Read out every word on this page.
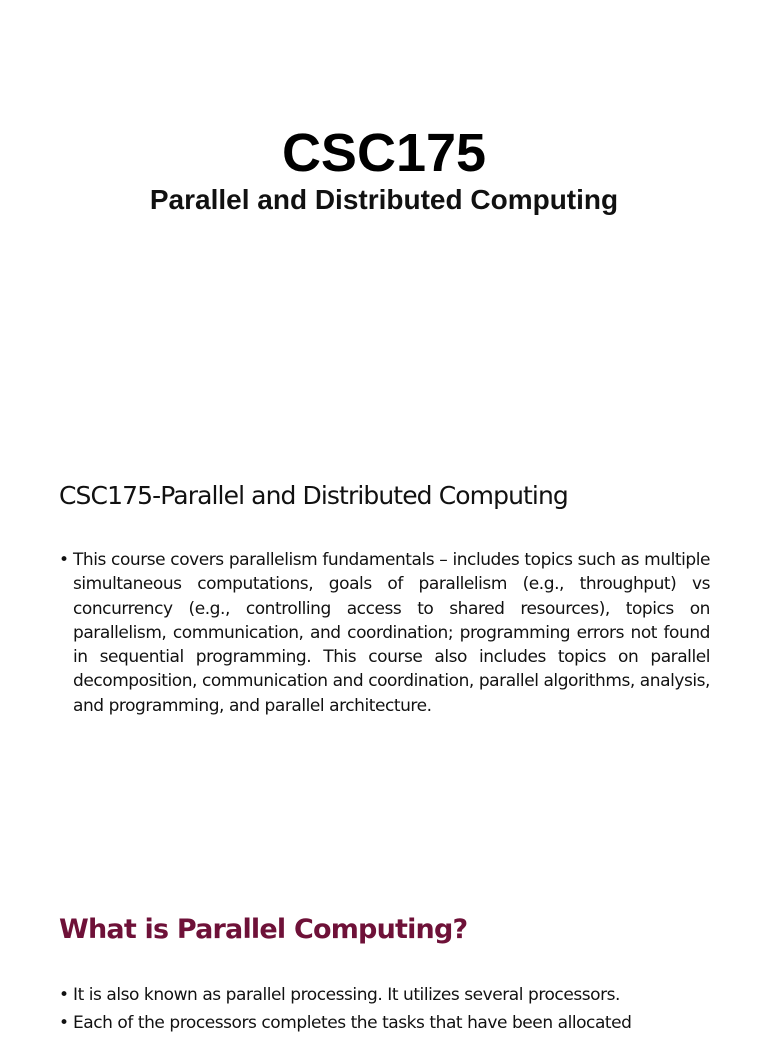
CSC175
Parallel and Distributed Computing
CSC175-Parallel and Distributed Computing
• This course covers parallelism fundamentals – includes topics such as multiple simultaneous computations, goals of parallelism (e.g., throughput) vs concurrency (e.g., controlling access to shared resources), topics on parallelism, communication, and coordination; programming errors not found in sequential programming. This course also includes topics on parallel decomposition, communication and coordination, parallel algorithms, analysis, and programming, and parallel architecture.
What is Parallel Computing?
• It is also known as parallel processing. It utilizes several processors.
• Each of the processors completes the tasks that have been allocated
